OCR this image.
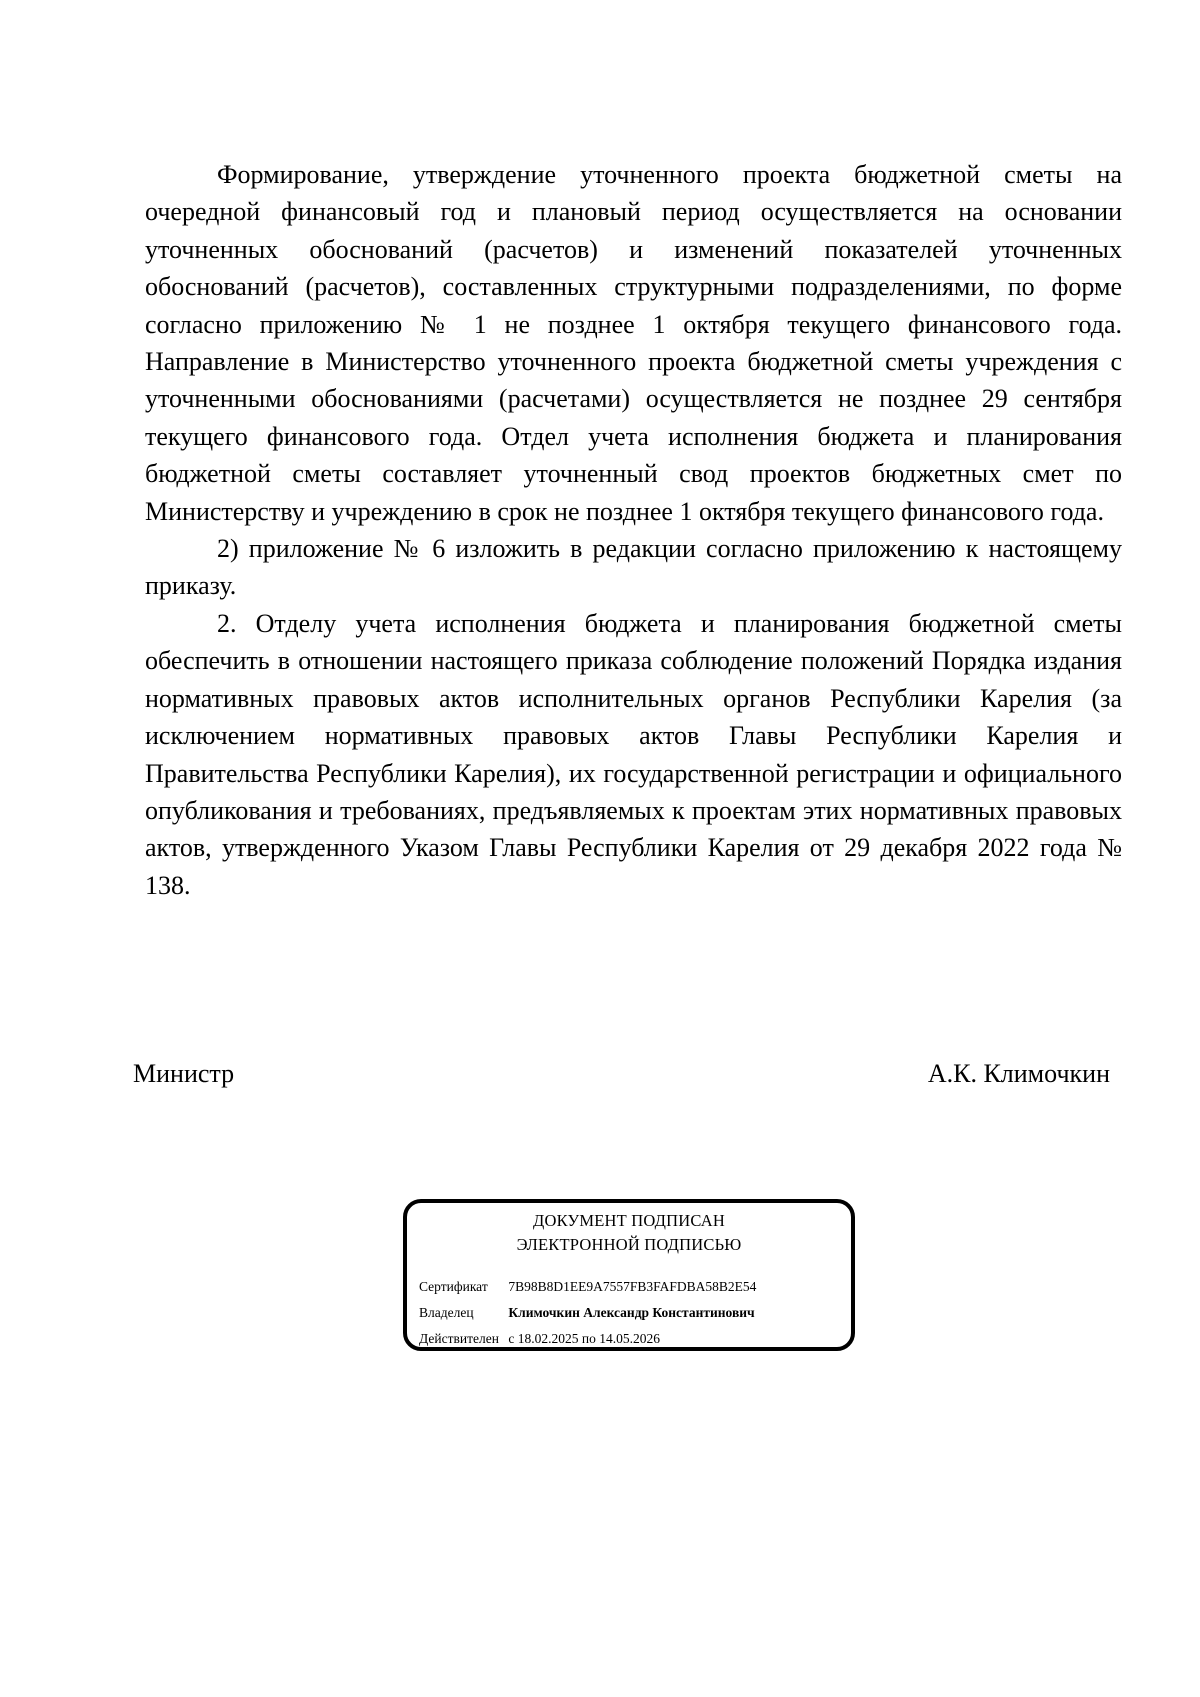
Формирование, утверждение уточненного проекта бюджетной сметы на очередной финансовый год и плановый период осуществляется на основании уточненных обоснований (расчетов) и изменений показателей уточненных обоснований (расчетов), составленных структурными подразделениями, по форме согласно приложению № 1 не позднее 1 октября текущего финансового года. Направление в Министерство уточненного проекта бюджетной сметы учреждения с уточненными обоснованиями (расчетами) осуществляется не позднее 29 сентября текущего финансового года. Отдел учета исполнения бюджета и планирования бюджетной сметы составляет уточненный свод проектов бюджетных смет по Министерству и учреждению в срок не позднее 1 октября текущего финансового года.

2) приложение № 6 изложить в редакции согласно приложению к настоящему приказу.

2. Отделу учета исполнения бюджета и планирования бюджетной сметы обеспечить в отношении настоящего приказа соблюдение положений Порядка издания нормативных правовых актов исполнительных органов Республики Карелия (за исключением нормативных правовых актов Главы Республики Карелия и Правительства Республики Карелия), их государственной регистрации и официального опубликования и требованиях, предъявляемых к проектам этих нормативных правовых актов, утвержденного Указом Главы Республики Карелия от 29 декабря 2022 года № 138.

Министр	А.К. Климочкин
ДОКУМЕНТ ПОДПИСАН
ЭЛЕКТРОННОЙ ПОДПИСЬЮ
Сертификат 7B98B8D1EE9A7557FB3FAFDBA58B2E54
Владелец	Климочкин Александр Константинович
Действителен с 18.02.2025 по 14.05.2026
